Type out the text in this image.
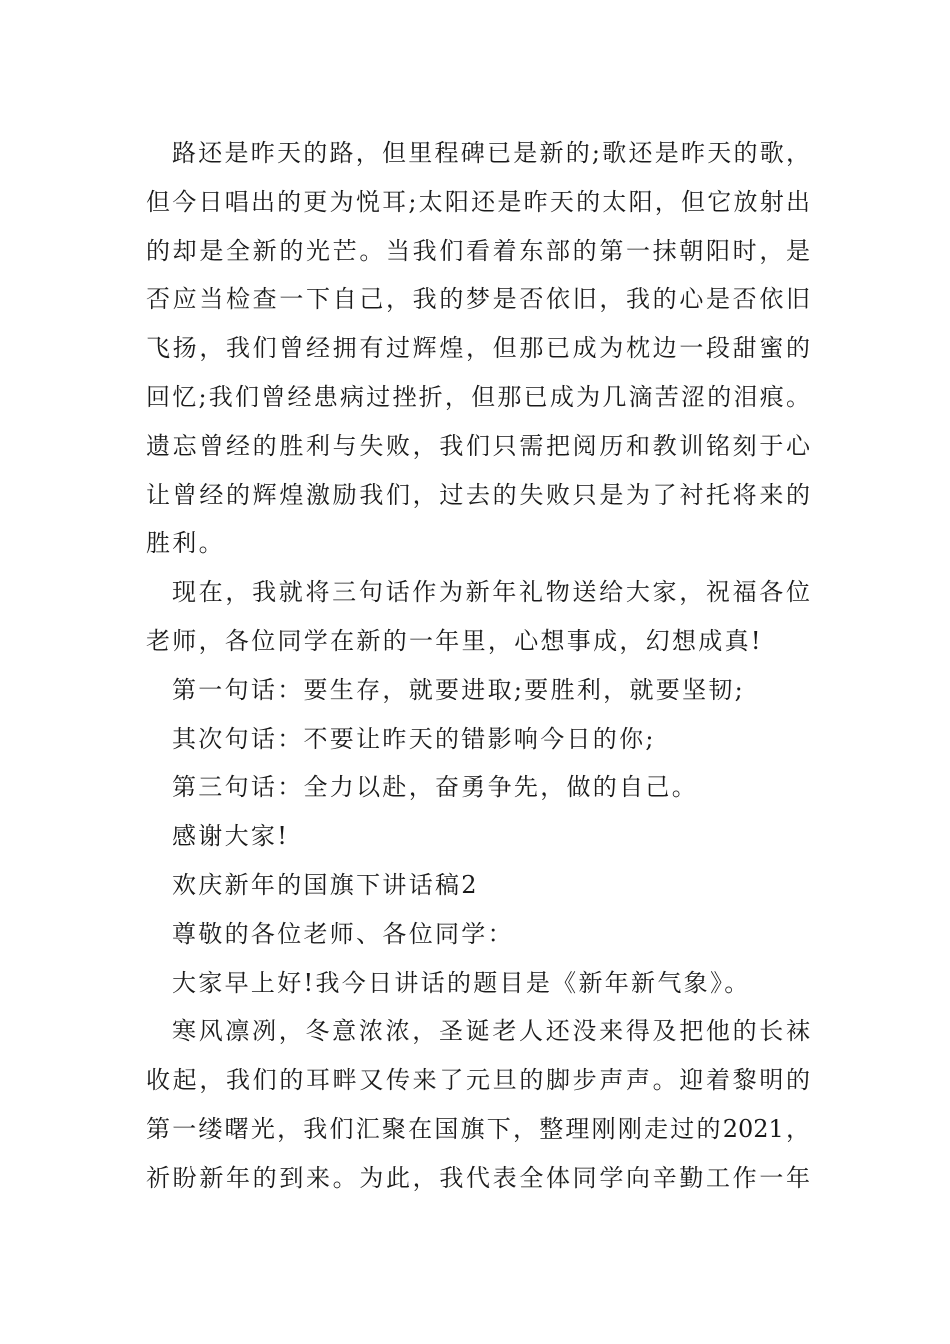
路还是昨天的路，但里程碑已是新的;歌还是昨天的歌，
但今日唱出的更为悦耳;太阳还是昨天的太阳，但它放射出
的却是全新的光芒。当我们看着东部的第一抹朝阳时，是
否应当检查一下自己，我的梦是否依旧，我的心是否依旧
飞扬，我们曾经拥有过辉煌，但那已成为枕边一段甜蜜的
回忆;我们曾经患病过挫折，但那已成为几滴苦涩的泪痕。
遗忘曾经的胜利与失败，我们只需把阅历和教训铭刻于心
让曾经的辉煌激励我们，过去的失败只是为了衬托将来的
胜利。
现在，我就将三句话作为新年礼物送给大家，祝福各位
老师，各位同学在新的一年里，心想事成，幻想成真!
第一句话：要生存，就要进取;要胜利，就要坚韧;
其次句话：不要让昨天的错影响今日的你;
第三句话：全力以赴，奋勇争先，做的自己。
感谢大家!
欢庆新年的国旗下讲话稿2
尊敬的各位老师、各位同学：
大家早上好!我今日讲话的题目是《新年新气象》。
寒风凛冽，冬意浓浓，圣诞老人还没来得及把他的长袜
收起，我们的耳畔又传来了元旦的脚步声声。迎着黎明的
第一缕曙光，我们汇聚在国旗下，整理刚刚走过的2021，
祈盼新年的到来。为此，我代表全体同学向辛勤工作一年
